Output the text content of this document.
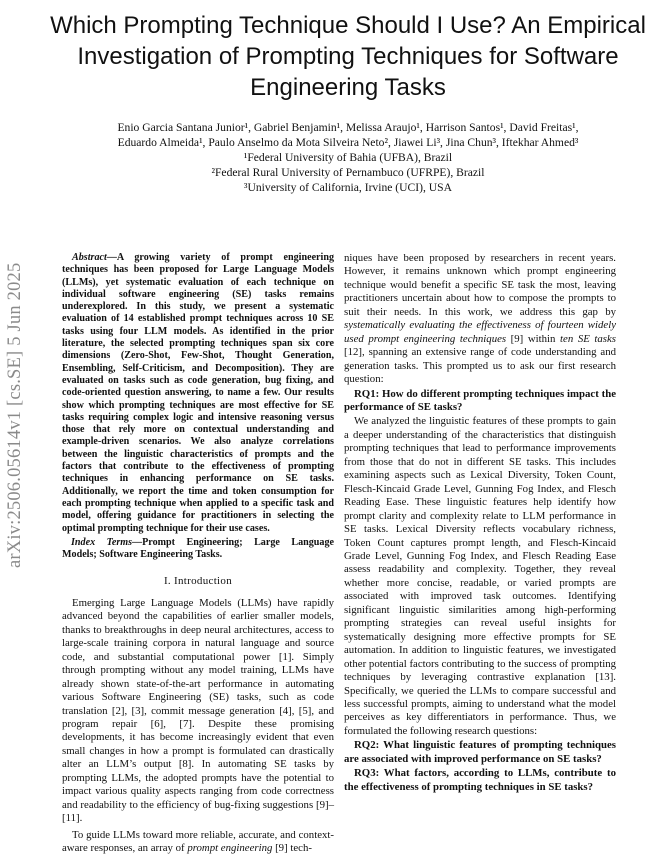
arXiv:2506.05614v1 [cs.SE] 5 Jun 2025
Which Prompting Technique Should I Use? An Empirical Investigation of Prompting Techniques for Software Engineering Tasks

Enio Garcia Santana Junior¹, Gabriel Benjamin¹, Melissa Araujo¹, Harrison Santos¹, David Freitas¹,

Eduardo Almeida¹, Paulo Anselmo da Mota Silveira Neto², Jiawei Li³, Jina Chun³, Iftekhar Ahmed³

¹Federal University of Bahia (UFBA), Brazil

²Federal Rural University of Pernambuco (UFRPE), Brazil

³University of California, Irvine (UCI), USA

Abstract—A growing variety of prompt engineering techniques has been proposed for Large Language Models (LLMs), yet systematic evaluation of each technique on individual software engineering (SE) tasks remains underexplored. In this study, we present a systematic evaluation of 14 established prompt techniques across 10 SE tasks using four LLM models. As identified in the prior literature, the selected prompting techniques span six core dimensions (Zero-Shot, Few-Shot, Thought Generation, Ensembling, Self-Criticism, and Decomposition). They are evaluated on tasks such as code generation, bug fixing, and code-oriented question answering, to name a few. Our results show which prompting techniques are most effective for SE tasks requiring complex logic and intensive reasoning versus those that rely more on contextual understanding and example-driven scenarios. We also analyze correlations between the linguistic characteristics of prompts and the factors that contribute to the effectiveness of prompting techniques in enhancing performance on SE tasks. Additionally, we report the time and token consumption for each prompting technique when applied to a specific task and model, offering guidance for practitioners in selecting the optimal prompting technique for their use cases.

Index Terms—Prompt Engineering; Large Language Models; Software Engineering Tasks.

I. Introduction

Emerging Large Language Models (LLMs) have rapidly advanced beyond the capabilities of earlier smaller models, thanks to breakthroughs in deep neural architectures, access to large-scale training corpora in natural language and source code, and substantial computational power [1]. Simply through prompting without any model training, LLMs have already shown state-of-the-art performance in automating various Software Engineering (SE) tasks, such as code translation [2], [3], commit message generation [4], [5], and program repair [6], [7]. Despite these promising developments, it has become increasingly evident that even small changes in how a prompt is formulated can drastically alter an LLM’s output [8]. In automating SE tasks by prompting LLMs, the adopted prompts have the potential to impact various quality aspects ranging from code correctness and readability to the efficiency of bug-fixing suggestions [9]–[11].

To guide LLMs toward more reliable, accurate, and context-aware responses, an array of prompt engineering [9] tech-

niques have been proposed by researchers in recent years. However, it remains unknown which prompt engineering technique would benefit a specific SE task the most, leaving practitioners uncertain about how to compose the prompts to suit their needs. In this work, we address this gap by systematically evaluating the effectiveness of fourteen widely used prompt engineering techniques [9] within ten SE tasks [12], spanning an extensive range of code understanding and generation tasks. This prompted us to ask our first research question:

RQ1: How do different prompting techniques impact the performance of SE tasks?

We analyzed the linguistic features of these prompts to gain a deeper understanding of the characteristics that distinguish prompting techniques that lead to performance improvements from those that do not in different SE tasks. This includes examining aspects such as Lexical Diversity, Token Count, Flesch-Kincaid Grade Level, Gunning Fog Index, and Flesch Reading Ease. These linguistic features help identify how prompt clarity and complexity relate to LLM performance in SE tasks. Lexical Diversity reflects vocabulary richness, Token Count captures prompt length, and Flesch-Kincaid Grade Level, Gunning Fog Index, and Flesch Reading Ease assess readability and complexity. Together, they reveal whether more concise, readable, or varied prompts are associated with improved task outcomes. Identifying significant linguistic similarities among high-performing prompting strategies can reveal useful insights for systematically designing more effective prompts for SE automation. In addition to linguistic features, we investigated other potential factors contributing to the success of prompting techniques by leveraging contrastive explanation [13]. Specifically, we queried the LLMs to compare successful and less successful prompts, aiming to understand what the model perceives as key differentiators in performance. Thus, we formulated the following research questions:

RQ2: What linguistic features of prompting techniques are associated with improved performance on SE tasks?

RQ3: What factors, according to LLMs, contribute to the effectiveness of prompting techniques in SE tasks?
